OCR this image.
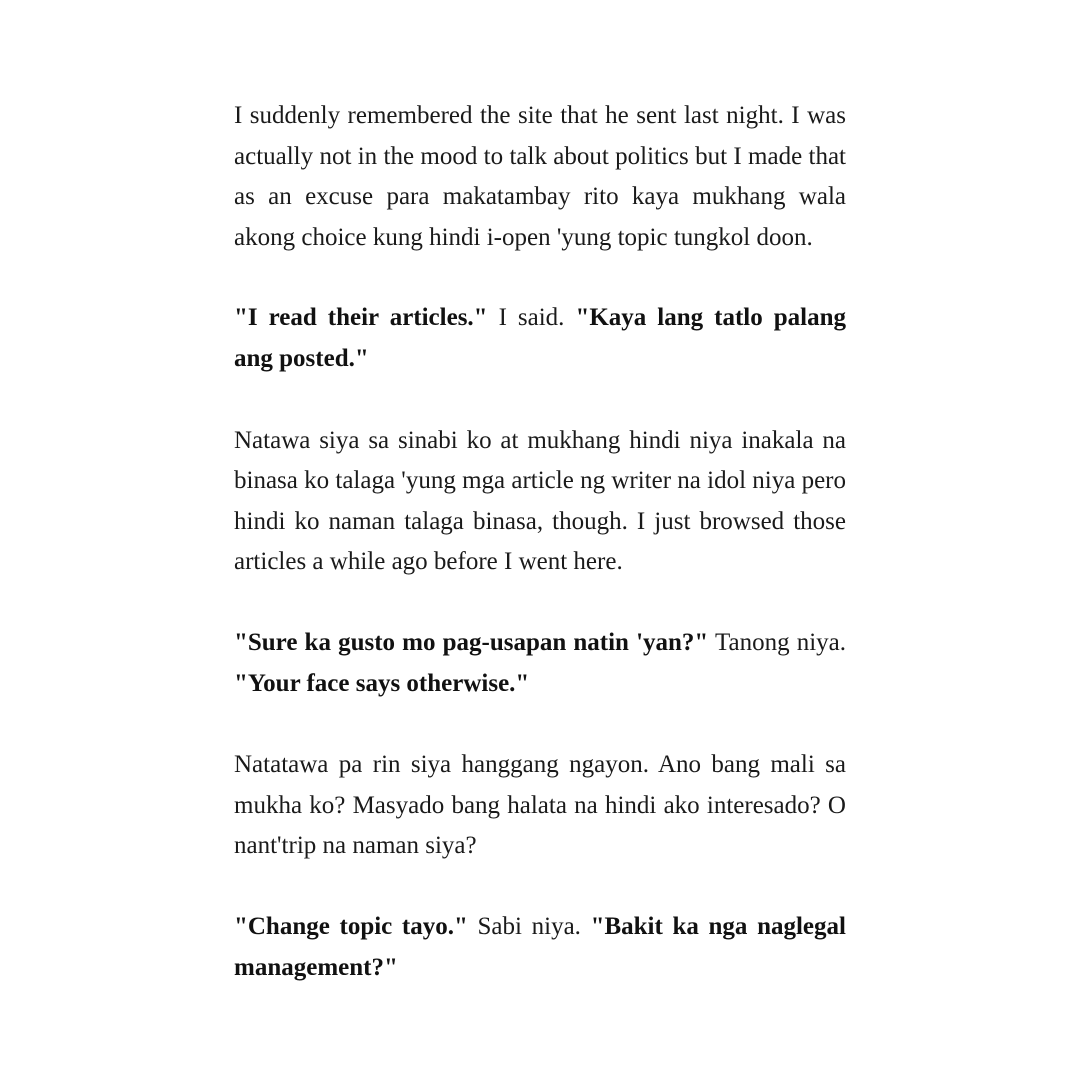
I suddenly remembered the site that he sent last night. I was actually not in the mood to talk about politics but I made that as an excuse para makatambay rito kaya mukhang wala akong choice kung hindi i-open 'yung topic tungkol doon.

"I read their articles." I said. "Kaya lang tatlo palang ang posted."

Natawa siya sa sinabi ko at mukhang hindi niya inakala na binasa ko talaga 'yung mga article ng writer na idol niya pero hindi ko naman talaga binasa, though. I just browsed those articles a while ago before I went here.

"Sure ka gusto mo pag-usapan natin 'yan?" Tanong niya. "Your face says otherwise."

Natatawa pa rin siya hanggang ngayon. Ano bang mali sa mukha ko? Masyado bang halata na hindi ako interesado? O nant'trip na naman siya?

"Change topic tayo." Sabi niya. "Bakit ka nga naglegal management?"
